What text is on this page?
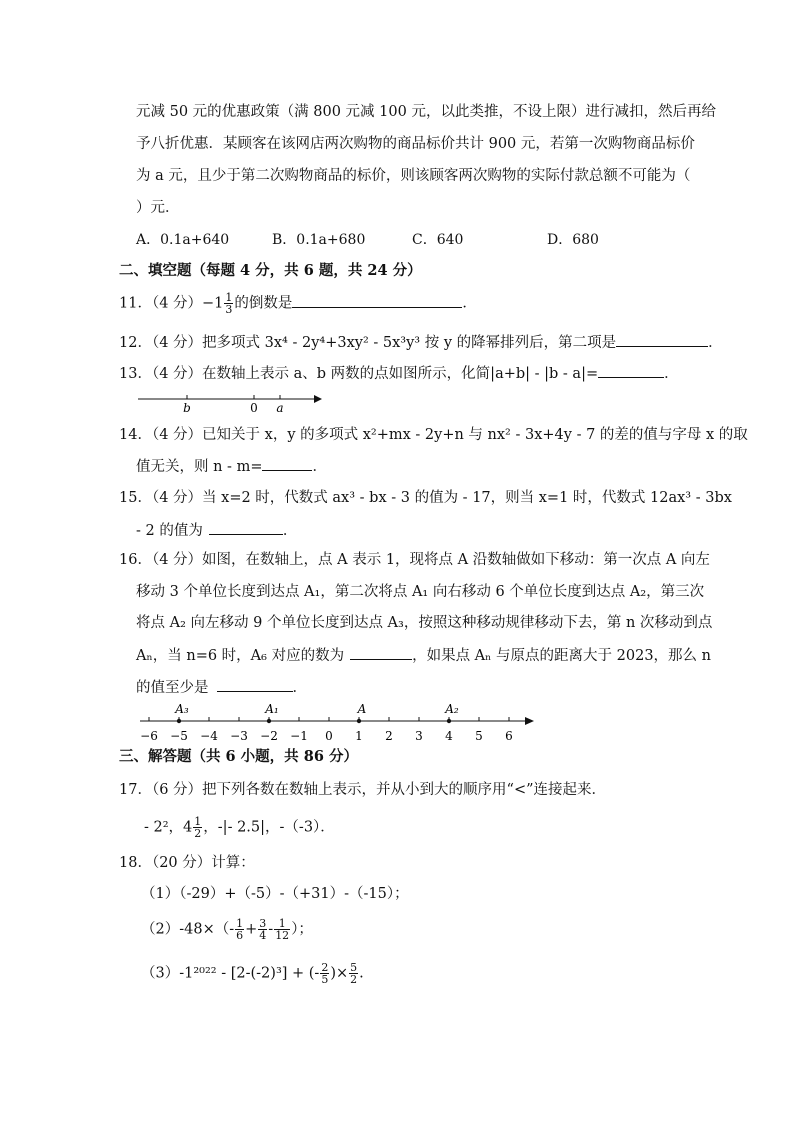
元减 50 元的优惠政策（满 800 元减 100 元，以此类推，不设上限）进行减扣，然后再给
予八折优惠．某顾客在该网店两次购物的商品标价共计 900 元，若第一次购物商品标价
为 a 元，且少于第二次购物商品的标价，则该顾客两次购物的实际付款总额不可能为（
）元．
A．0.1a+640	B．0.1a+680	C．640	D．680
二、填空题（每题 4 分，共 6 题，共 24 分）
11．（4 分）$-1 \frac{1}{3}$ 的倒数是	．
12．（4 分）把多项式 3x⁴ - 2y⁴+3xy² - 5x³y³ 按 y 的降幂排列后，第二项是	．
13．（4 分）在数轴上表示 a、b 两数的点如图所示，化简|a+b| - |b - a|=	．
b	0 a
14．（4 分）已知关于 x，y 的多项式 x²+mx - 2y+n 与 nx² - 3x+4y - 7 的差的值与字母 x 的取
值无关，则 n - m=	．
15．（4 分）当 x=2 时，代数式 ax³ - bx - 3 的值为 - 17，则当 x=1 时，代数式 12ax³ - 3bx
- 2 的值为	．
16．（4 分）如图，在数轴上，点 A 表示 1，现将点 A 沿数轴做如下移动：第一次点 A 向左
移动 3 个单位长度到达点 A₁，第二次将点 A₁ 向右移动 6 个单位长度到达点 A₂，第三次
将点 A₂ 向左移动 9 个单位长度到达点 A₃，按照这种移动规律移动下去，第 n 次移动到点
Aₙ，当 n=6 时，A₆ 对应的数为	，如果点 Aₙ 与原点的距离大于 2023，那么 n
的值至少是	．
−6 −5 −4 −3 −2 −1 0 1 2 3 4 5 6
A₃	A₁	A	A₂
三、解答题（共 6 小题，共 86 分）
17．（6 分）把下列各数在数轴上表示，并从小到大的顺序用“<”连接起来．
- 2²，$4 \frac{1}{2}$ ，-|- 2.5|，-（-3）．
18．（20 分）计算：
（1）（-29）+（-5）-（+31）-（-15）；
$(2)-48\times(- \frac{1}{6} + \frac{3}{4} - \frac{1}{12}$ ）；
（3）-1²⁰²² - [2-(-2)³] + (- $\frac{2}{5}$ )× $\frac{5}{2}$ .
